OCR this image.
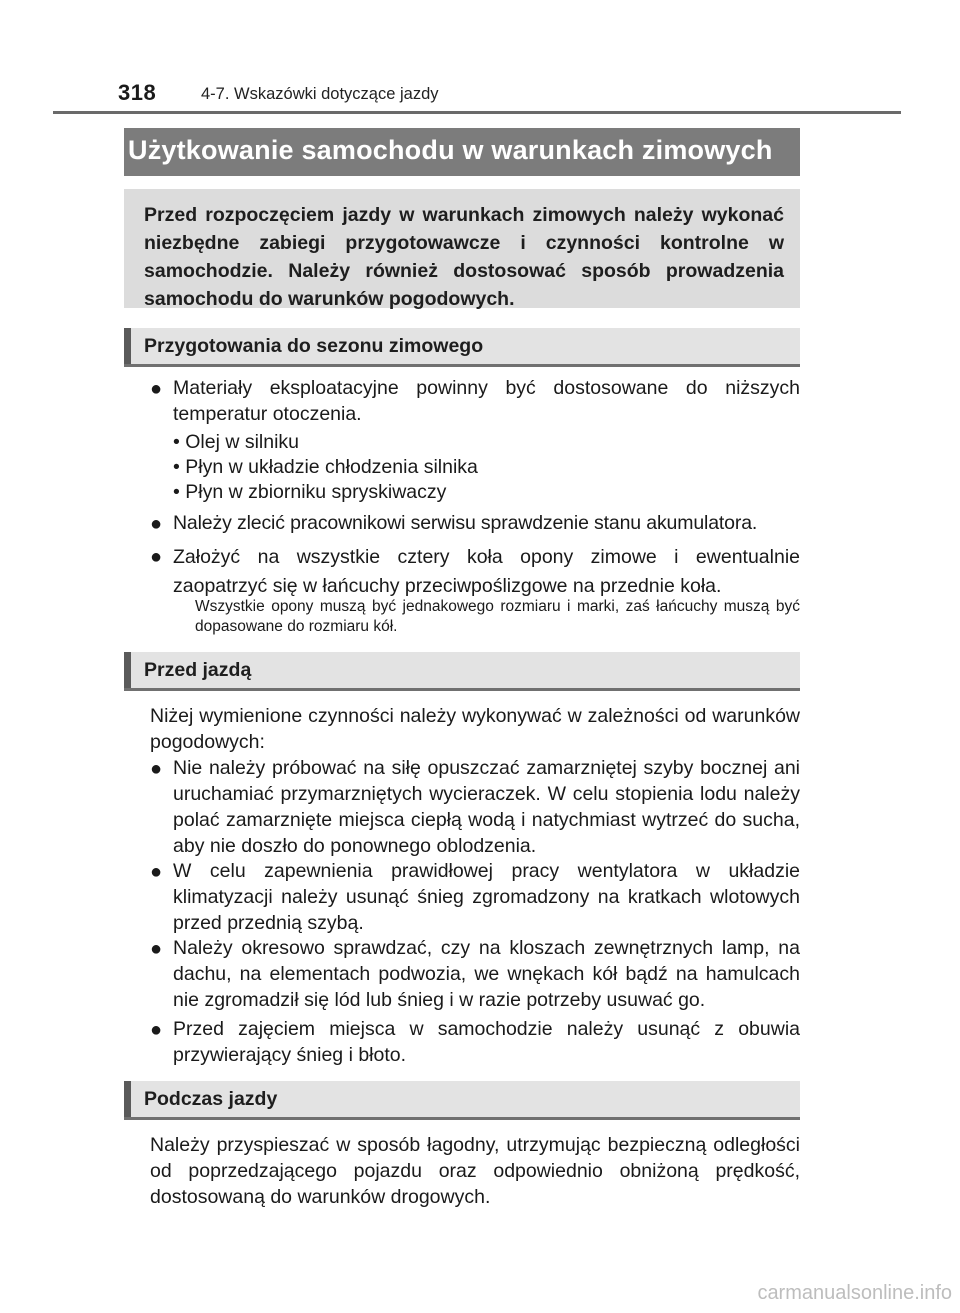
318	4-7. Wskazówki dotyczące jazdy
Użytkowanie samochodu w warunkach zimowych
Przed rozpoczęciem jazdy w warunkach zimowych należy wykonać niezbędne zabiegi przygotowawcze i czynności kontrolne w samochodzie. Należy również dostosować sposób prowadzenia samochodu do warunków pogodowych.
Przygotowania do sezonu zimowego
● Materiały eksploatacyjne powinny być dostosowane do niższych temperatur otoczenia.
• Olej w silniku
• Płyn w układzie chłodzenia silnika
• Płyn w zbiorniku spryskiwaczy
● Należy zlecić pracownikowi serwisu sprawdzenie stanu akumulatora.
● Założyć na wszystkie cztery koła opony zimowe i ewentualnie zaopatrzyć się w łańcuchy przeciwpoślizgowe na przednie koła.
Wszystkie opony muszą być jednakowego rozmiaru i marki, zaś łańcuchy muszą być dopasowane do rozmiaru kół.
Przed jazdą
Niżej wymienione czynności należy wykonywać w zależności od warunków pogodowych:
● Nie należy próbować na siłę opuszczać zamarzniętej szyby bocznej ani uruchamiać przymarzniętych wycieraczek. W celu stopienia lodu należy polać zamarznięte miejsca ciepłą wodą i natychmiast wytrzeć do sucha, aby nie doszło do ponownego oblodzenia.
● W celu zapewnienia prawidłowej pracy wentylatora w układzie klimatyzacji należy usunąć śnieg zgromadzony na kratkach wlotowych przed przednią szybą.
● Należy okresowo sprawdzać, czy na kloszach zewnętrznych lamp, na dachu, na elementach podwozia, we wnękach kół bądź na hamulcach nie zgromadził się lód lub śnieg i w razie potrzeby usuwać go.
● Przed zajęciem miejsca w samochodzie należy usunąć z obuwia przywierający śnieg i błoto.
Podczas jazdy
Należy przyspieszać w sposób łagodny, utrzymując bezpieczną odległości od poprzedzającego pojazdu oraz odpowiednio obniżoną prędkość, dostosowaną do warunków drogowych.
carmanualsonline.info
